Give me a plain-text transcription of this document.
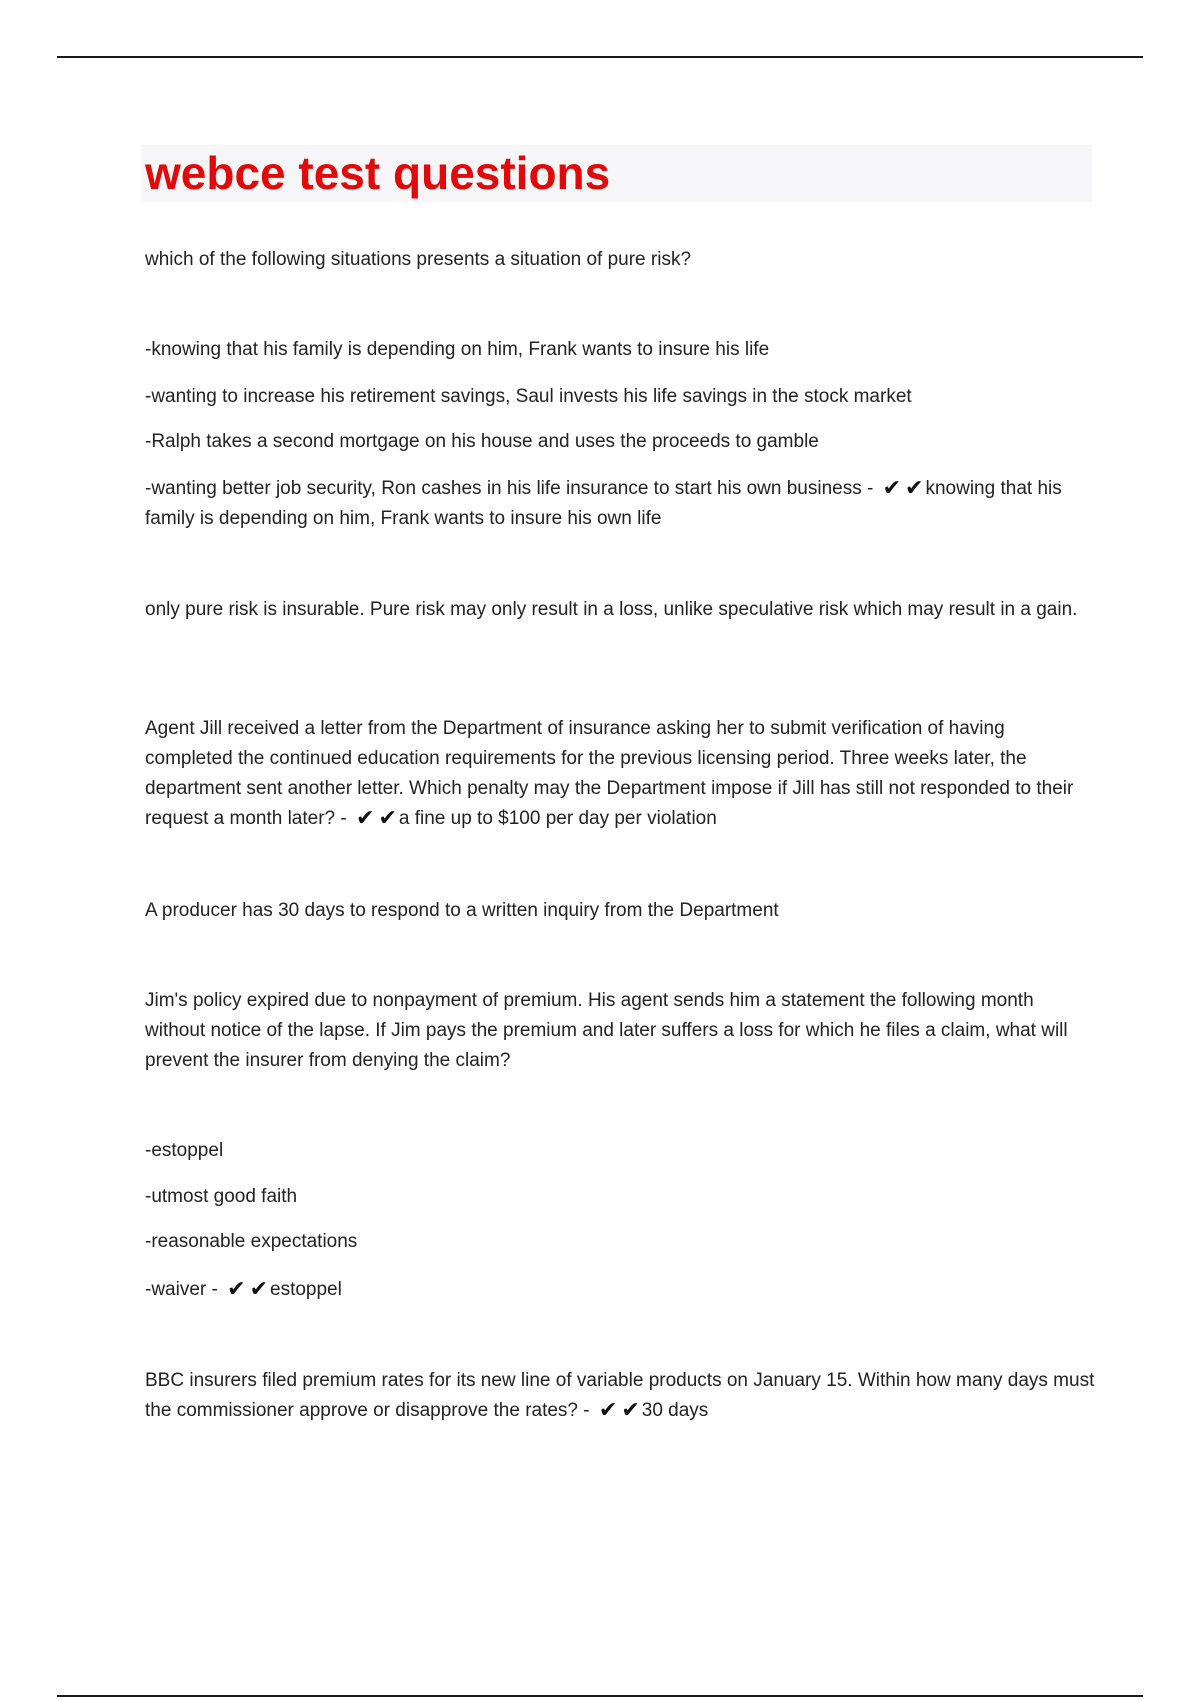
webce test questions

which of the following situations presents a situation of pure risk?

-knowing that his family is depending on him, Frank wants to insure his life

-wanting to increase his retirement savings, Saul invests his life savings in the stock market

-Ralph takes a second mortgage on his house and uses the proceeds to gamble

-wanting better job security, Ron cashes in his life insurance to start his own business - ✔ ✔ knowing that his family is depending on him, Frank wants to insure his own life

only pure risk is insurable. Pure risk may only result in a loss, unlike speculative risk which may result in a gain.

Agent Jill received a letter from the Department of insurance asking her to submit verification of having completed the continued education requirements for the previous licensing period. Three weeks later, the department sent another letter. Which penalty may the Department impose if Jill has still not responded to their request a month later? - ✔ ✔ a fine up to $100 per day per violation

A producer has 30 days to respond to a written inquiry from the Department

Jim's policy expired due to nonpayment of premium. His agent sends him a statement the following month without notice of the lapse. If Jim pays the premium and later suffers a loss for which he files a claim, what will prevent the insurer from denying the claim?

-estoppel

-utmost good faith

-reasonable expectations

-waiver - ✔ ✔ estoppel

BBC insurers filed premium rates for its new line of variable products on January 15. Within how many days must the commissioner approve or disapprove the rates? - ✔ ✔ 30 days
